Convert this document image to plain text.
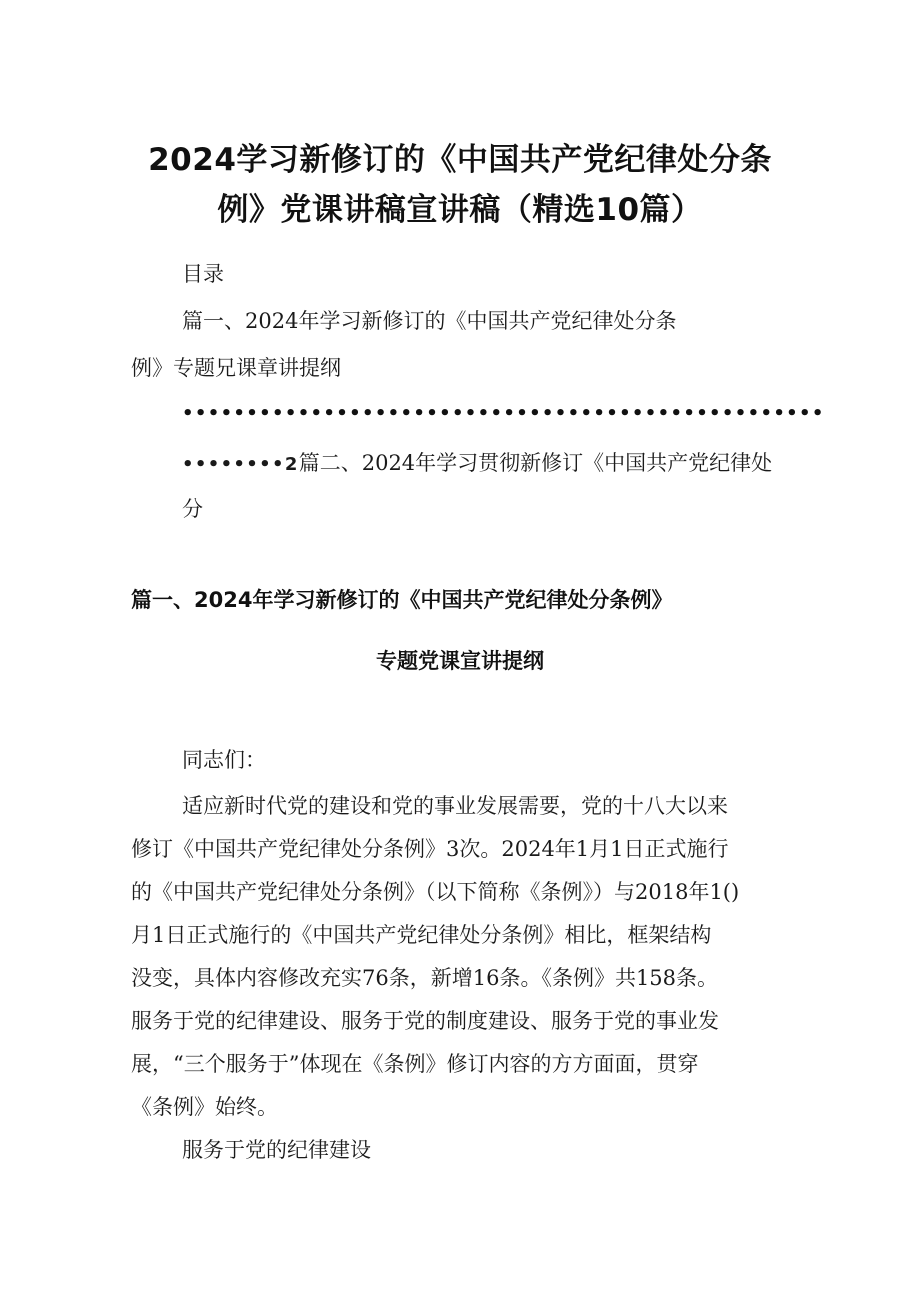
2024学习新修订的《中国共产党纪律处分条
例》党课讲稿宣讲稿（精选10篇）
目录
篇一、2024年学习新修订的《中国共产党纪律处分条
例》专题兄课章讲提纲
••••••••••••••••••••••••••••••••••••••••••••••••••
••••••••2篇二、2024年学习贯彻新修订《中国共产党纪律处
分
篇一、2024年学习新修订的《中国共产党纪律处分条例》
专题党课宣讲提纲

同志们：

适应新时代党的建设和党的事业发展需要，党的十八大以来

修订《中国共产党纪律处分条例》3次。2024年1月1日正式施行

的《中国共产党纪律处分条例》（以下简称《条例》）与2018年1()

月1日正式施行的《中国共产党纪律处分条例》相比，框架结构

没变，具体内容修改充实76条，新增16条。《条例》共158条。

服务于党的纪律建设、服务于党的制度建设、服务于党的事业发

展，“三个服务于”体现在《条例》修订内容的方方面面，贯穿

《条例》始终。

服务于党的纪律建设
